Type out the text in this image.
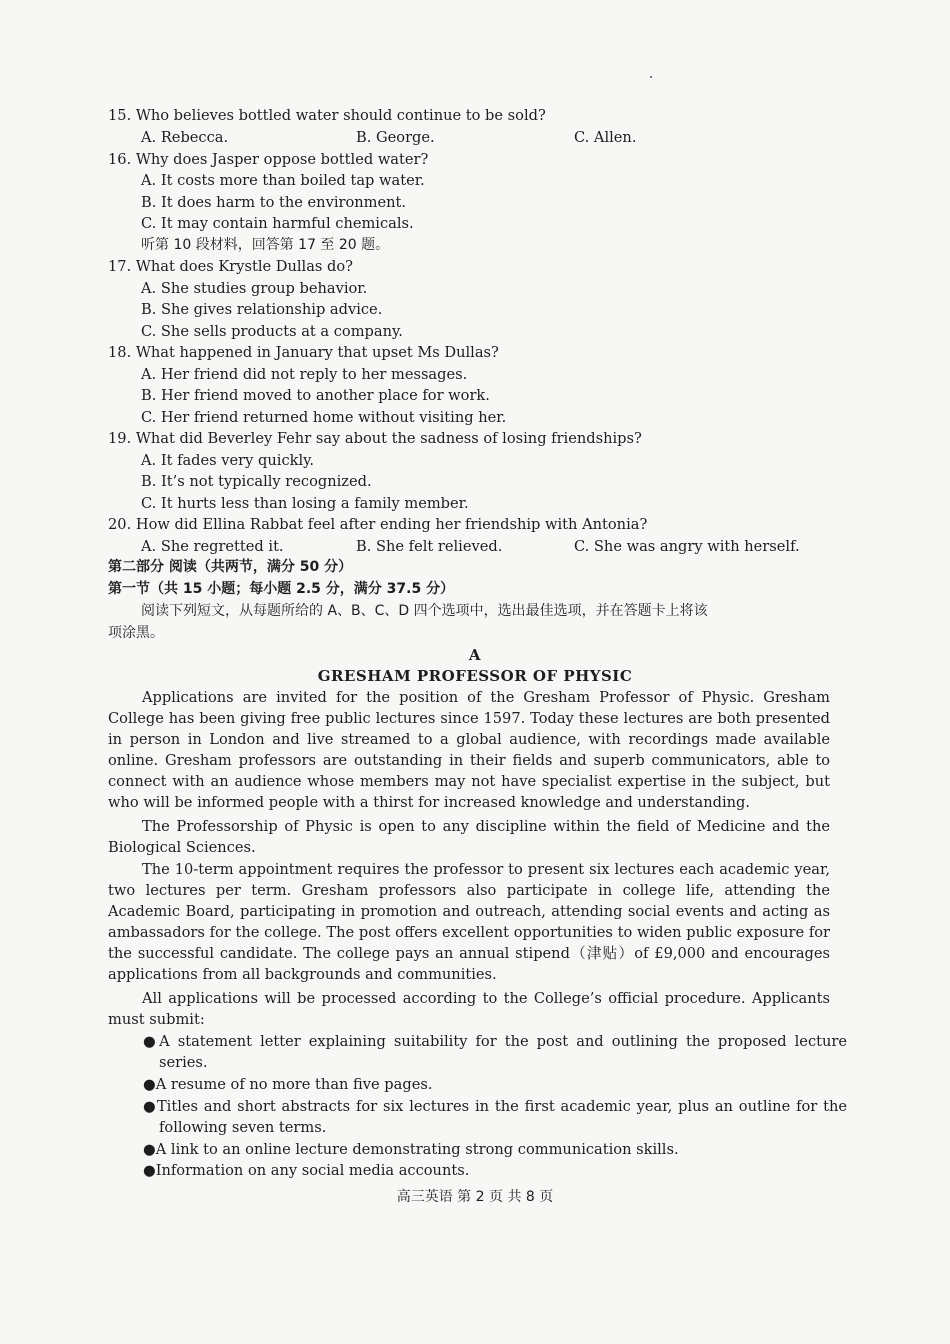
15. Who believes bottled water should continue to be sold?
A. Rebecca.	B. George.	C. Allen.
16. Why does Jasper oppose bottled water?
A. It costs more than boiled tap water.
B. It does harm to the environment.
C. It may contain harmful chemicals.
听第 10 段材料，回答第 17 至 20 题。
17. What does Krystle Dullas do?
A. She studies group behavior.
B. She gives relationship advice.
C. She sells products at a company.
18. What happened in January that upset Ms Dullas?
A. Her friend did not reply to her messages.
B. Her friend moved to another place for work.
C. Her friend returned home without visiting her.
19. What did Beverley Fehr say about the sadness of losing friendships?
A. It fades very quickly.
B. It’s not typically recognized.
C. It hurts less than losing a family member.
20. How did Ellina Rabbat feel after ending her friendship with Antonia?
A. She regretted it.	B. She felt relieved.	C. She was angry with herself.
第二部分 阅读（共两节，满分 50 分）
第一节（共 15 小题；每小题 2.5 分，满分 37.5 分）
阅读下列短文，从每题所给的 A、B、C、D 四个选项中，选出最佳选项，并在答题卡上将该
项涂黑。
A
GRESHAM PROFESSOR OF PHYSIC
Applications are invited for the position of the Gresham Professor of Physic. Gresham College has been giving free public lectures since 1597. Today these lectures are both presented in person in London and live streamed to a global audience, with recordings made available online. Gresham professors are outstanding in their fields and superb communicators, able to connect with an audience whose members may not have specialist expertise in the subject, but who will be informed people with a thirst for increased knowledge and understanding.
The Professorship of Physic is open to any discipline within the field of Medicine and the Biological Sciences.
The 10-term appointment requires the professor to present six lectures each academic year, two lectures per term. Gresham professors also participate in college life, attending the Academic Board, participating in promotion and outreach, attending social events and acting as ambassadors for the college. The post offers excellent opportunities to widen public exposure for the successful candidate. The college pays an annual stipend（津贴）of £9,000 and encourages applications from all backgrounds and communities.
All applications will be processed according to the College’s official procedure. Applicants must submit:
●A statement letter explaining suitability for the post and outlining the proposed lecture series.
●A resume of no more than five pages.
●Titles and short abstracts for six lectures in the first academic year, plus an outline for the following seven terms.
●A link to an online lecture demonstrating strong communication skills.
●Information on any social media accounts.
高三英语 第 2 页 共 8 页
